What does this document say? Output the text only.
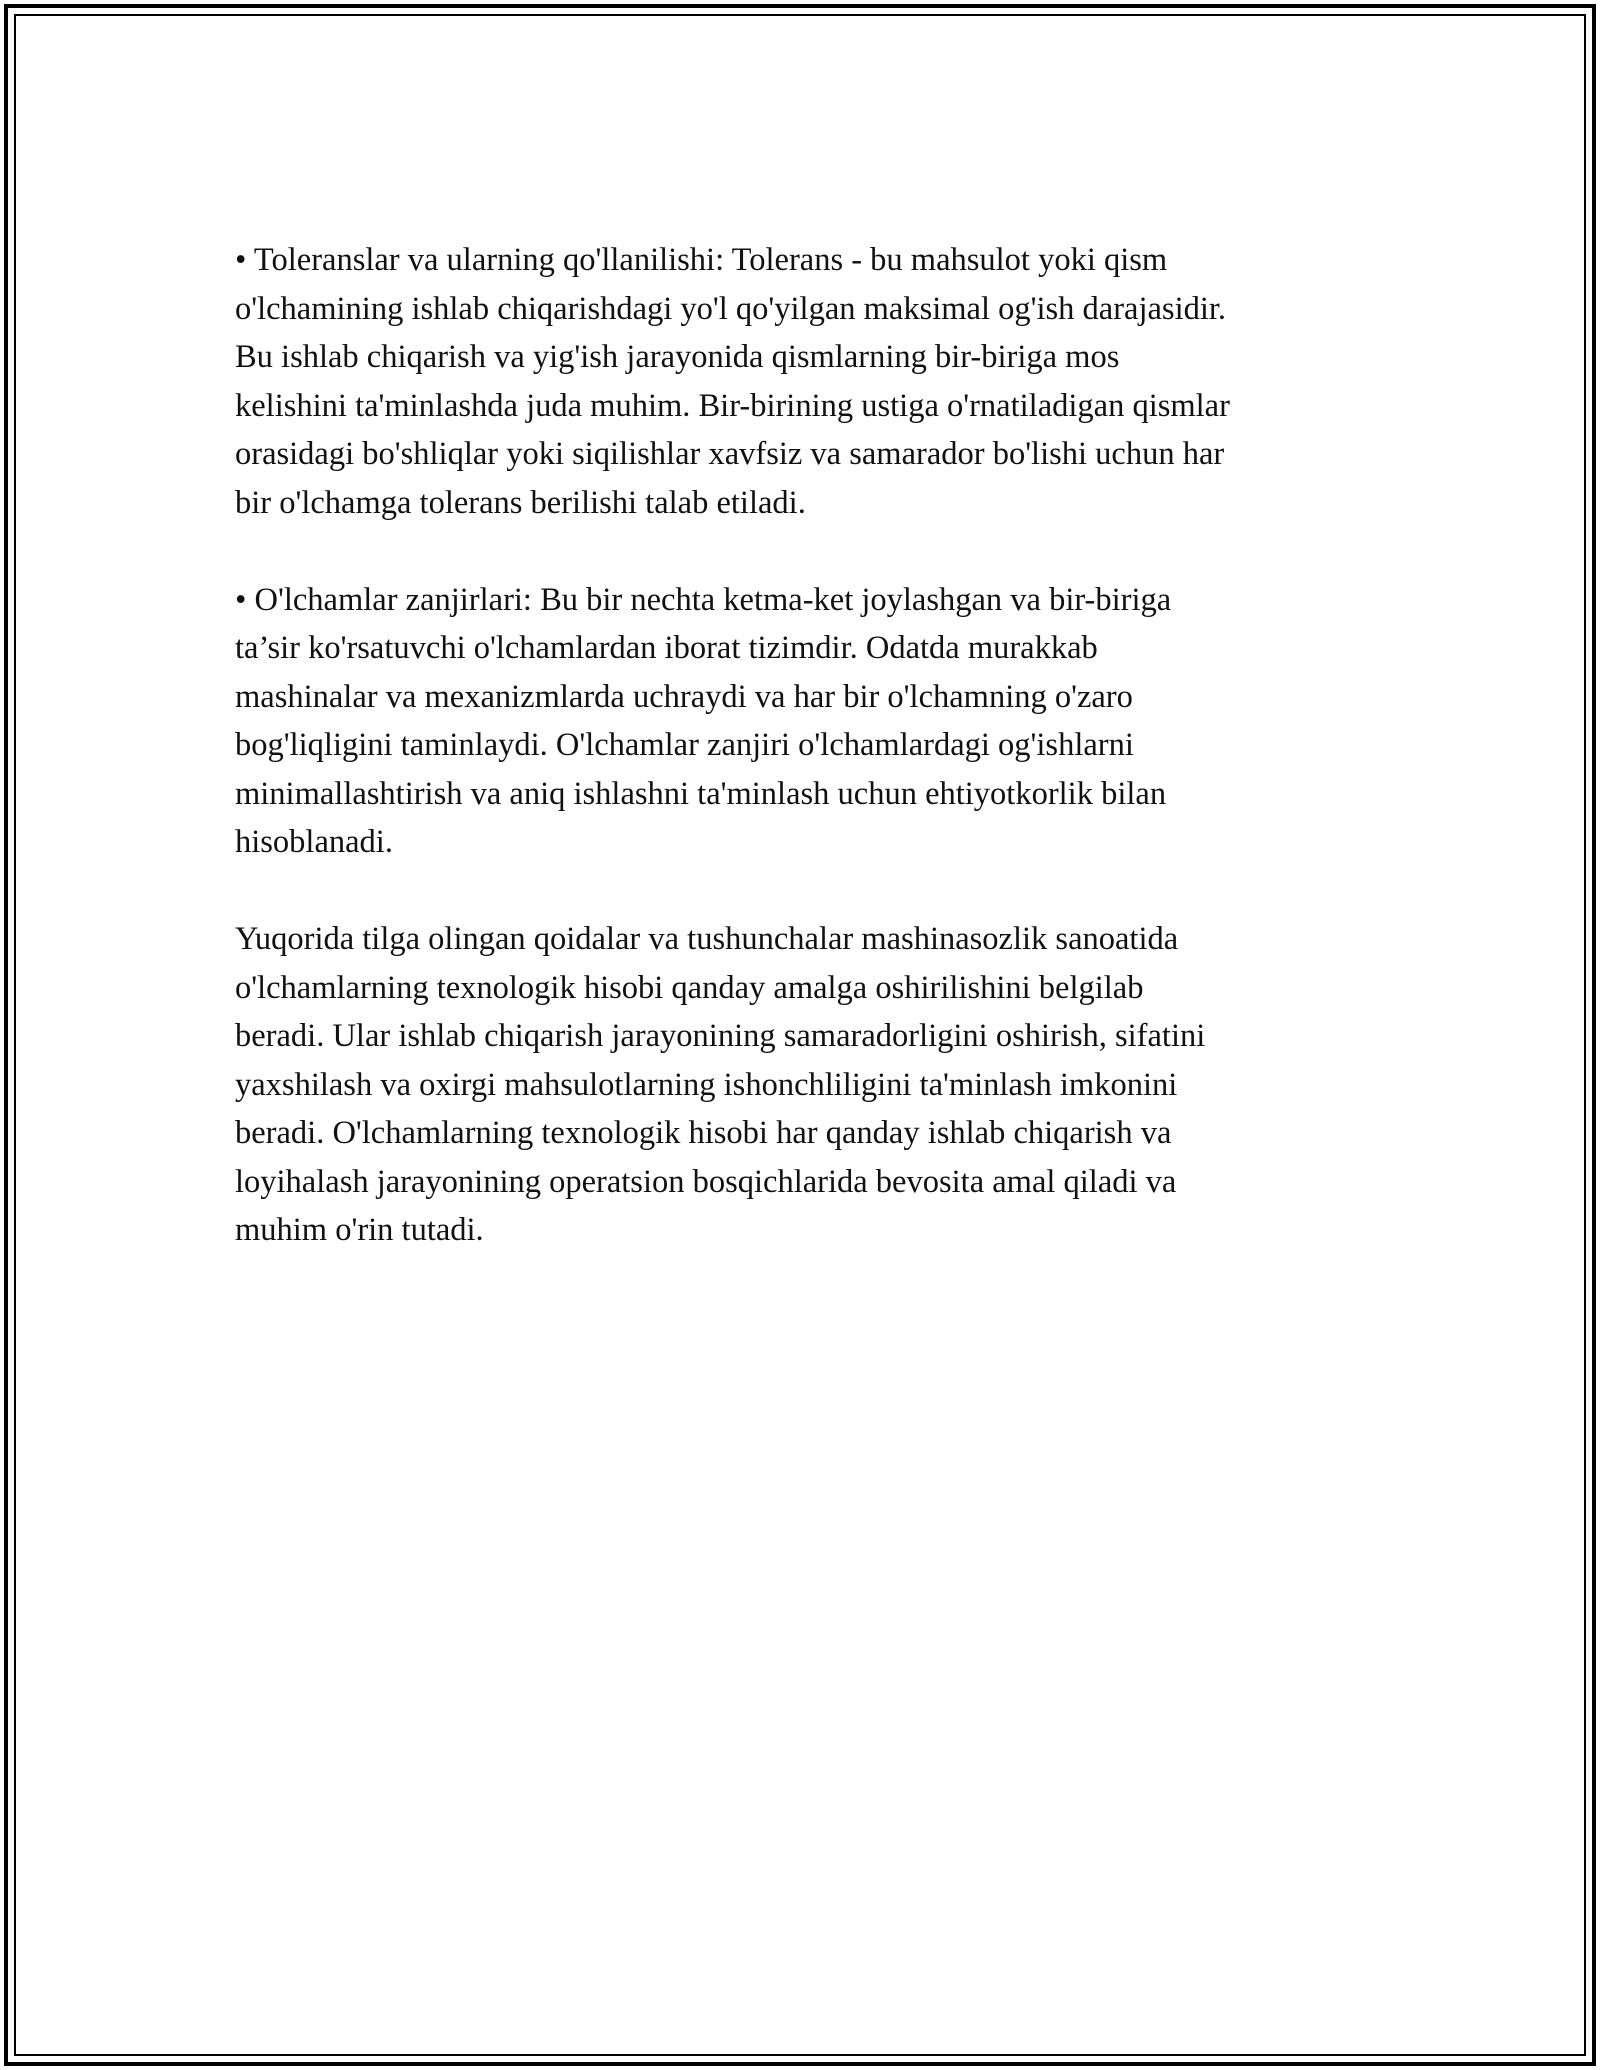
• Toleranslar va ularning qo'llanilishi: Tolerans - bu mahsulot yoki qism
o'lchamining ishlab chiqarishdagi yo'l qo'yilgan maksimal og'ish darajasidir.
Bu ishlab chiqarish va yig'ish jarayonida qismlarning bir-biriga mos
kelishini ta'minlashda juda muhim. Bir-birining ustiga o'rnatiladigan qismlar
orasidagi bo'shliqlar yoki siqilishlar xavfsiz va samarador bo'lishi uchun har
bir o'lchamga tolerans berilishi talab etiladi.

• O'lchamlar zanjirlari: Bu bir nechta ketma-ket joylashgan va bir-biriga
ta’sir ko'rsatuvchi o'lchamlardan iborat tizimdir. Odatda murakkab
mashinalar va mexanizmlarda uchraydi va har bir o'lchamning o'zaro
bog'liqligini taminlaydi. O'lchamlar zanjiri o'lchamlardagi og'ishlarni
minimallashtirish va aniq ishlashni ta'minlash uchun ehtiyotkorlik bilan
hisoblanadi.

Yuqorida tilga olingan qoidalar va tushunchalar mashinasozlik sanoatida
o'lchamlarning texnologik hisobi qanday amalga oshirilishini belgilab
beradi. Ular ishlab chiqarish jarayonining samaradorligini oshirish, sifatini
yaxshilash va oxirgi mahsulotlarning ishonchliligini ta'minlash imkonini
beradi. O'lchamlarning texnologik hisobi har qanday ishlab chiqarish va
loyihalash jarayonining operatsion bosqichlarida bevosita amal qiladi va
muhim o'rin tutadi.
